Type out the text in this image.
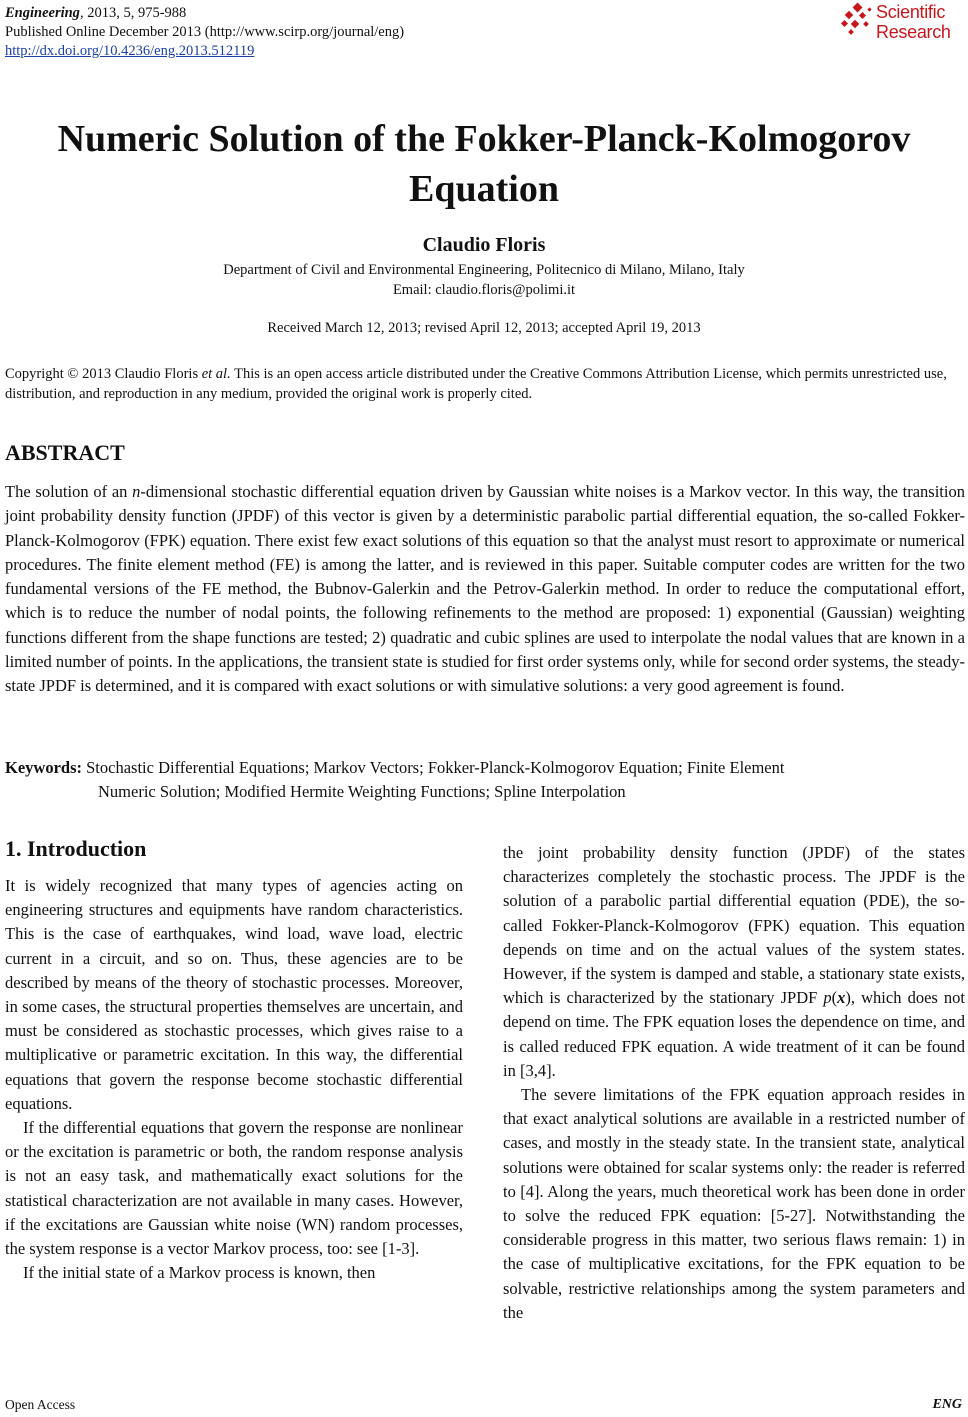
Engineering, 2013, 5, 975-988
Published Online December 2013 (http://www.scirp.org/journal/eng)
http://dx.doi.org/10.4236/eng.2013.512119
Scientific
Research
Numeric Solution of the Fokker-Planck-Kolmogorov
Equation
Claudio Floris
Department of Civil and Environmental Engineering, Politecnico di Milano, Milano, Italy
Email: claudio.floris@polimi.it
Received March 12, 2013; revised April 12, 2013; accepted April 19, 2013
Copyright © 2013 Claudio Floris et al. This is an open access article distributed under the Creative Commons Attribution License, which permits unrestricted use, distribution, and reproduction in any medium, provided the original work is properly cited.
ABSTRACT
The solution of an n-dimensional stochastic differential equation driven by Gaussian white noises is a Markov vector. In this way, the transition joint probability density function (JPDF) of this vector is given by a deterministic parabolic partial differential equation, the so-called Fokker-Planck-Kolmogorov (FPK) equation. There exist few exact solutions of this equation so that the analyst must resort to approximate or numerical procedures. The finite element method (FE) is among the latter, and is reviewed in this paper. Suitable computer codes are written for the two fundamental versions of the FE method, the Bubnov-Galerkin and the Petrov-Galerkin method. In order to reduce the computational effort, which is to reduce the number of nodal points, the following refinements to the method are proposed: 1) exponential (Gaussian) weighting functions different from the shape functions are tested; 2) quadratic and cubic splines are used to interpolate the nodal values that are known in a limited number of points. In the applications, the transient state is studied for first order systems only, while for second order systems, the steady-state JPDF is determined, and it is compared with exact solutions or with simulative solutions: a very good agreement is found.
Keywords: Stochastic Differential Equations; Markov Vectors; Fokker-Planck-Kolmogorov Equation; Finite Element
Numeric Solution; Modified Hermite Weighting Functions; Spline Interpolation
1. Introduction

It is widely recognized that many types of agencies acting on engineering structures and equipments have random characteristics. This is the case of earthquakes, wind load, wave load, electric current in a circuit, and so on. Thus, these agencies are to be described by means of the theory of stochastic processes. Moreover, in some cases, the structural properties themselves are uncertain, and must be considered as stochastic processes, which gives raise to a multiplicative or parametric excitation. In this way, the differential equations that govern the response become stochastic differential equations.

If the differential equations that govern the response are nonlinear or the excitation is parametric or both, the random response analysis is not an easy task, and mathematically exact solutions for the statistical characterization are not available in many cases. However, if the excitations are Gaussian white noise (WN) random processes, the system response is a vector Markov process, too: see [1-3].

If the initial state of a Markov process is known, then

the joint probability density function (JPDF) of the states characterizes completely the stochastic process. The JPDF is the solution of a parabolic partial differential equation (PDE), the so-called Fokker-Planck-Kolmogorov (FPK) equation. This equation depends on time and on the actual values of the system states. However, if the system is damped and stable, a stationary state exists, which is characterized by the stationary JPDF p(x), which does not depend on time. The FPK equation loses the dependence on time, and is called reduced FPK equation. A wide treatment of it can be found in [3,4].

The severe limitations of the FPK equation approach resides in that exact analytical solutions are available in a restricted number of cases, and mostly in the steady state. In the transient state, analytical solutions were obtained for scalar systems only: the reader is referred to [4]. Along the years, much theoretical work has been done in order to solve the reduced FPK equation: [5-27]. Notwithstanding the considerable progress in this matter, two serious flaws remain: 1) in the case of multiplicative excitations, for the FPK equation to be solvable, restrictive relationships among the system parameters and the

Open Access	ENG
